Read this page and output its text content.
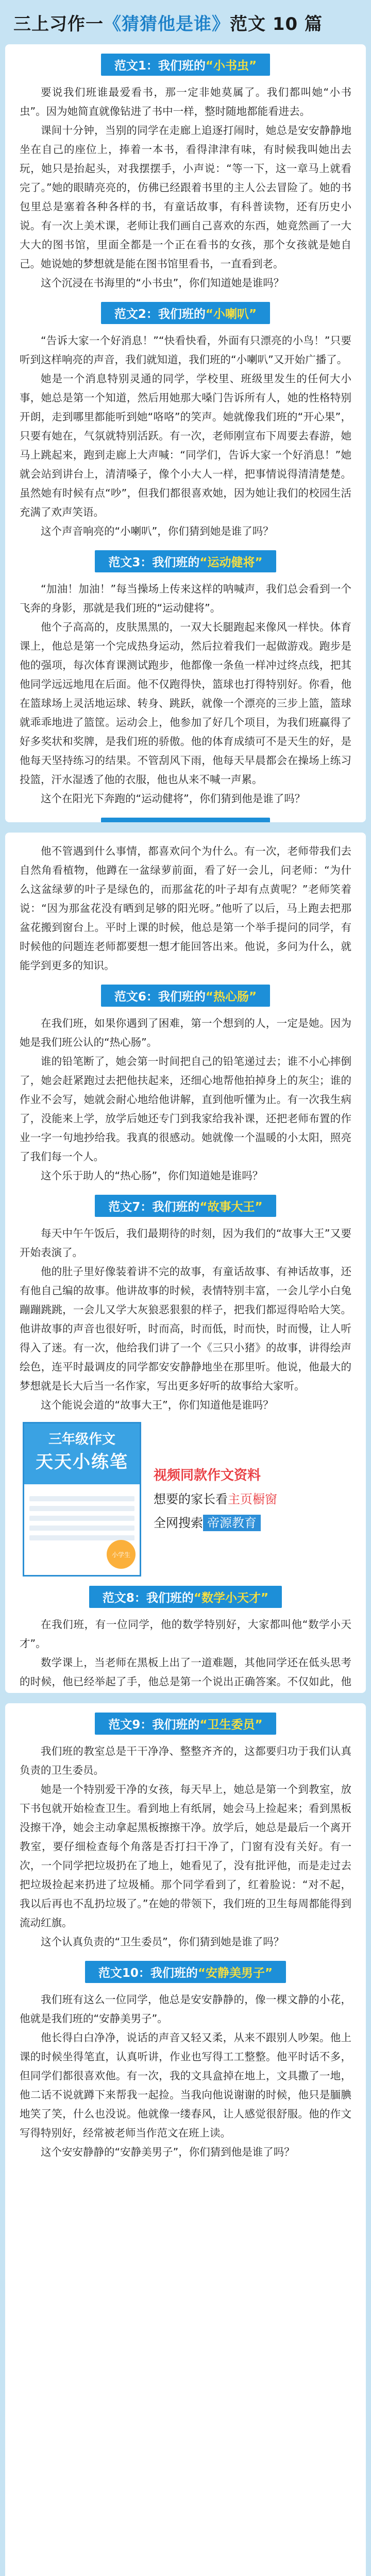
三上习作一 《猜猜他是谁》 范文 10 篇
范文1：我们班的“小书虫”

要说我们班谁最爱看书，那一定非她莫属了。我们都叫她“小书虫”。因为她简直就像钻进了书中一样，整时随地都能看进去。

课间十分钟，当别的同学在走廊上追逐打闹时，她总是安安静静地坐在自己的座位上，捧着一本书，看得津津有味，有时候我叫她出去玩，她只是抬起头，对我摆摆手，小声说：“等一下，这一章马上就看完了。”她的眼睛亮亮的，仿佛已经跟着书里的主人公去冒险了。她的书包里总是塞着各种各样的书，有童话故事，有科普读物，还有历史小说。有一次上美术课，老师让我们画自己喜欢的东西，她竟然画了一大大大的图书馆，里面全都是一个正在看书的女孩，那个女孩就是她自己。她说她的梦想就是能在图书馆里看书，一直看到老。

这个沉浸在书海里的“小书虫”，你们知道她是谁吗？

范文2：我们班的“小喇叭”

“告诉大家一个好消息！”“快看快看，外面有只漂亮的小鸟！”只要听到这样响亮的声音，我们就知道，我们班的“小喇叭”又开始广播了。

她是一个消息特别灵通的同学，学校里、班级里发生的任何大小事，她总是第一个知道，然后用她那大嗓门告诉所有人，她的性格特别开朗，走到哪里都能听到她“咯咯”的笑声。她就像我们班的“开心果”，只要有她在，气氛就特别活跃。有一次，老师刚宣布下周要去春游，她马上跳起来，跑到走廊上大声喊：“同学们，告诉大家一个好消息！”她就会站到讲台上，清清嗓子，像个小大人一样，把事情说得清清楚楚。虽然她有时候有点“吵”，但我们都很喜欢她，因为她让我们的校园生活充满了欢声笑语。

这个声音响亮的“小喇叭”，你们猜到她是谁了吗？

范文3：我们班的“运动健将”

“加油！加油！”每当操场上传来这样的呐喊声，我们总会看到一个飞奔的身影，那就是我们班的“运动健将”。

他个子高高的，皮肤黑黑的，一双大长腿跑起来像风一样快。体育课上，他总是第一个完成热身运动，然后拉着我们一起做游戏。跑步是他的强项，每次体育课测试跑步，他都像一条鱼一样冲过终点线，把其他同学远远地甩在后面。他不仅跑得快，篮球也打得特别好。你看，他在篮球场上灵活地运球、转身、跳跃，就像一个漂亮的三步上篮，篮球就乖乖地进了篮筐。运动会上，他参加了好几个项目，为我们班赢得了好多奖状和奖牌，是我们班的骄傲。他的体育成绩可不是天生的好，是他每天坚持练习的结果。不管刮风下雨，他每天早晨都会在操场上练习投篮，汗水湿透了他的衣服，他也从来不喊一声累。

这个在阳光下奔跑的“运动健将”，你们猜到他是谁了吗？

他不管遇到什么事情，都喜欢问个为什么。有一次，老师带我们去自然角看植物，他蹲在一盆绿萝前面，看了好一会儿，问老师：“为什么这盆绿萝的叶子是绿色的，而那盆花的叶子却有点黄呢？”老师笑着说：“因为那盆花没有晒到足够的阳光呀。”他听了以后，马上跑去把那盆花搬到窗台上。平时上课的时候，他总是第一个举手提问的同学，有时候他的问题连老师都要想一想才能回答出来。他说，多问为什么，就能学到更多的知识。

范文6：我们班的“热心肠”

在我们班，如果你遇到了困难，第一个想到的人，一定是她。因为她是我们班公认的“热心肠”。

谁的铅笔断了，她会第一时间把自己的铅笔递过去；谁不小心摔倒了，她会赶紧跑过去把他扶起来，还细心地帮他拍掉身上的灰尘；谁的作业不会写，她就会耐心地给他讲解，直到他听懂为止。有一次我生病了，没能来上学，放学后她还专门到我家给我补课，还把老师布置的作业一字一句地抄给我。我真的很感动。她就像一个温暖的小太阳，照亮了我们每一个人。

这个乐于助人的“热心肠”，你们知道她是谁吗？

范文7：我们班的“故事大王”

每天中午午饭后，我们最期待的时刻，因为我们的“故事大王”又要开始表演了。

他的肚子里好像装着讲不完的故事，有童话故事、有神话故事，还有他自己编的故事。他讲故事的时候，表情特别丰富，一会儿学小白兔蹦蹦跳跳，一会儿又学大灰狼恶狠狠的样子，把我们都逗得哈哈大笑。他讲故事的声音也很好听，时而高，时而低，时而快，时而慢，让人听得入了迷。有一次，他给我们讲了一个《三只小猪》的故事，讲得绘声绘色，连平时最调皮的同学都安安静静地坐在那里听。他说，他最大的梦想就是长大后当一名作家，写出更多好听的故事给大家听。

这个能说会道的“故事大王”，你们知道他是谁吗？

三年级作文
天天小练笔
小学生
视频同款作文资料
想要的家长看主页橱窗
全网搜索 帝源教育
范文8：我们班的“数学小天才”

在我们班，有一位同学，他的数学特别好，大家都叫他“数学小天才”。

数学课上，当老师在黑板上出了一道难题，其他同学还在低头思考的时候，他已经举起了手，他总是第一个说出正确答案。不仅如此，他

范文9：我们班的“卫生委员”

我们班的教室总是干干净净、整整齐齐的，这都要归功于我们认真负责的卫生委员。

她是一个特别爱干净的女孩，每天早上，她总是第一个到教室，放下书包就开始检查卫生。看到地上有纸屑，她会马上捡起来；看到黑板没擦干净，她会主动拿起黑板擦擦干净。放学后，她总是最后一个离开教室，要仔细检查每个角落是否打扫干净了，门窗有没有关好。有一次，一个同学把垃圾扔在了地上，她看见了，没有批评他，而是走过去把垃圾捡起来扔进了垃圾桶。那个同学看到了，红着脸说：“对不起，我以后再也不乱扔垃圾了。”在她的带领下，我们班的卫生每周都能得到流动红旗。

这个认真负责的“卫生委员”，你们猜到她是谁了吗？

范文10：我们班的“安静美男子”

我们班有这么一位同学，他总是安安静静的，像一棵文静的小花，他就是我们班的“安静美男子”。

他长得白白净净，说话的声音又轻又柔，从来不跟别人吵架。他上课的时候坐得笔直，认真听讲，作业也写得工工整整。他平时话不多，但同学们都很喜欢他。有一次，我的文具盒掉在地上，文具撒了一地，他二话不说就蹲下来帮我一起捡。当我向他说谢谢的时候，他只是腼腆地笑了笑，什么也没说。他就像一缕春风，让人感觉很舒服。他的作文写得特别好，经常被老师当作范文在班上读。

这个安安静静的“安静美男子”，你们猜到他是谁了吗？
